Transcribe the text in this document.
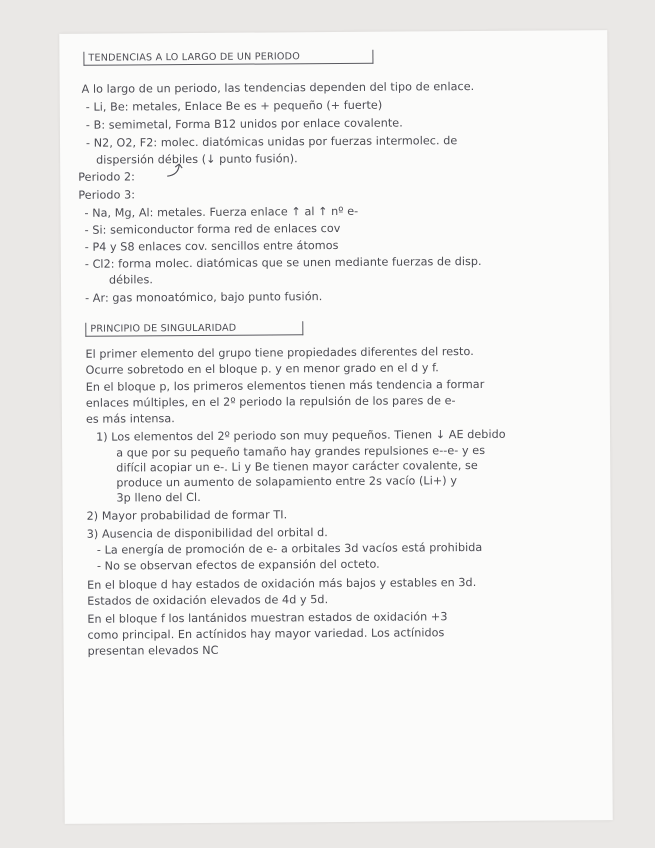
TENDENCIAS A LO LARGO DE UN PERIODO
A lo largo de un periodo, las tendencias dependen del tipo de enlace.
- Li, Be: metales, Enlace Be es + pequeño (+ fuerte)
- B: semimetal, Forma B12 unidos por enlace covalente.
- N2, O2, F2: molec. diatómicas unidas por fuerzas intermolec. de
dispersión débiles (↓ punto fusión).
Periodo 2:
Periodo 3:
- Na, Mg, Al: metales. Fuerza enlace ↑ al ↑ nº e-
- Si: semiconductor forma red de enlaces cov
- P4 y S8 enlaces cov. sencillos entre átomos
- Cl2: forma molec. diatómicas que se unen mediante fuerzas de disp.
débiles.
- Ar: gas monoatómico, bajo punto fusión.
PRINCIPIO DE SINGULARIDAD
El primer elemento del grupo tiene propiedades diferentes del resto.
Ocurre sobretodo en el bloque p. y en menor grado en el d y f.
En el bloque p, los primeros elementos tienen más tendencia a formar
enlaces múltiples, en el 2º periodo la repulsión de los pares de e-
es más intensa.
1) Los elementos del 2º periodo son muy pequeños. Tienen ↓ AE debido
a que por su pequeño tamaño hay grandes repulsiones e--e- y es
difícil acopiar un e-. Li y Be tienen mayor carácter covalente, se
produce un aumento de solapamiento entre 2s vacío (Li+) y
3p lleno del Cl.
2) Mayor probabilidad de formar TI.
3) Ausencia de disponibilidad del orbital d.
- La energía de promoción de e- a orbitales 3d vacíos está prohibida
- No se observan efectos de expansión del octeto.
En el bloque d hay estados de oxidación más bajos y estables en 3d.
Estados de oxidación elevados de 4d y 5d.
En el bloque f los lantánidos muestran estados de oxidación +3
como principal. En actínidos hay mayor variedad. Los actínidos
presentan elevados NC
